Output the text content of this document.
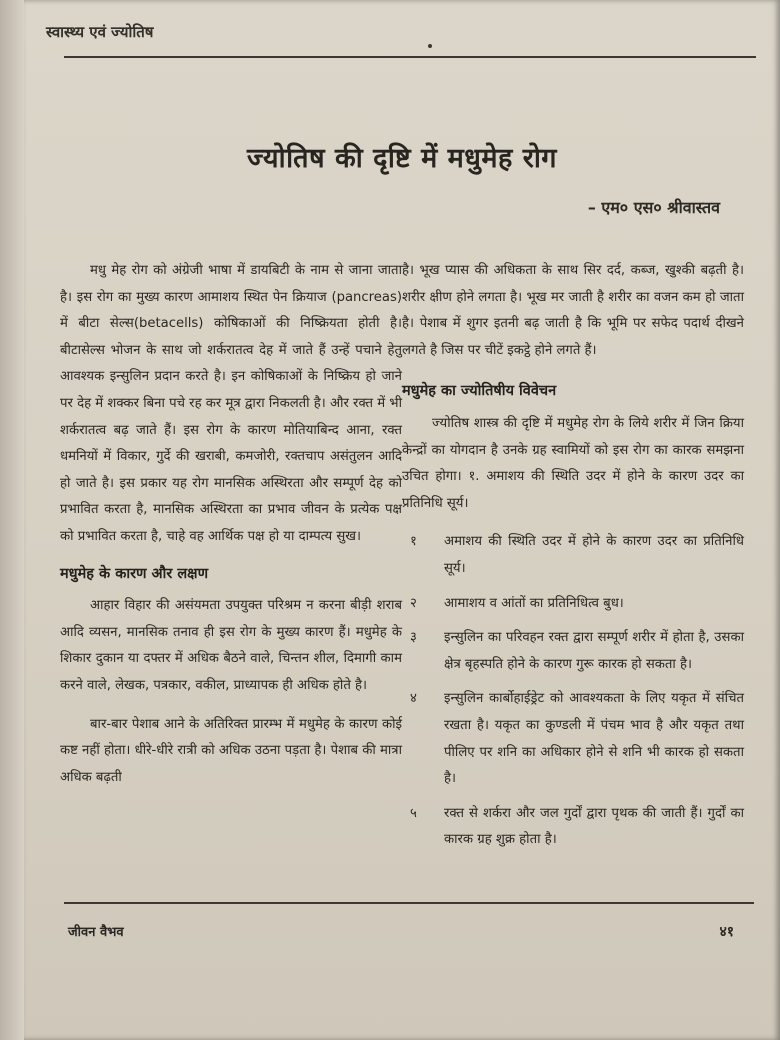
स्वास्थ्य एवं ज्योतिष
ज्योतिष की दृष्टि में मधुमेह रोग
– एम० एस० श्रीवास्तव

मधु मेह रोग को अंग्रेजी भाषा में डायबिटी के नाम से जाना जाता है। इस रोग का मुख्य कारण आमाशय स्थित पेन क्रियाज (pancreas) में बीटा सेल्स(betacells) कोषिकाओं की निष्क्रियता होती है। बीटासेल्स भोजन के साथ जो शर्करातत्व देह में जाते हैं उन्हें पचाने हेतु आवश्यक इन्सुलिन प्रदान करते है। इन कोषिकाओं के निष्क्रिय हो जाने पर देह में शक्कर बिना पचे रह कर मूत्र द्वारा निकलती है। और रक्त में भी शर्करातत्व बढ़ जाते हैं। इस रोग के कारण मोतियाबिन्द आना, रक्त धमनियों में विकार, गुर्दे की खराबी, कमजोरी, रक्तचाप असंतुलन आदि हो जाते है। इस प्रकार यह रोग मानसिक अस्थिरता और सम्पूर्ण देह को प्रभावित करता है, मानसिक अस्थिरता का प्रभाव जीवन के प्रत्येक पक्ष को प्रभावित करता है, चाहे वह आर्थिक पक्ष हो या दाम्पत्य सुख।

मधुमेह के कारण और लक्षण

आहार विहार की असंयमता उपयुक्त परिश्रम न करना बीड़ी शराब आदि व्यसन, मानसिक तनाव ही इस रोग के मुख्य कारण हैं। मधुमेह के शिकार दुकान या दफ्तर में अधिक बैठने वाले, चिन्तन शील, दिमागी काम करने वाले, लेखक, पत्रकार, वकील, प्राध्यापक ही अधिक होते है।

बार-बार पेशाब आने के अतिरिक्त प्रारम्भ में मधुमेह के कारण कोई कष्ट नहीं होता। धीरे-धीरे रात्री को अधिक उठना पड़ता है। पेशाब की मात्रा अधिक बढ़ती

है। भूख प्यास की अधिकता के साथ सिर दर्द, कब्ज, खुश्की बढ़ती है। शरीर क्षीण होने लगता है। भूख मर जाती है शरीर का वजन कम हो जाता है। पेशाब में शुगर इतनी बढ़ जाती है कि भूमि पर सफेद पदार्थ दीखने लगते है जिस पर चीटें इकट्ठे होने लगते हैं।

मधुमेह का ज्योतिषीय विवेचन

ज्योतिष शास्त्र की दृष्टि में मधुमेह रोग के लिये शरीर में जिन क्रिया केन्द्रों का योगदान है उनके ग्रह स्वामियों को इस रोग का कारक समझना उचित होगा। १. अमाशय की स्थिति उदर में होने के कारण उदर का प्रतिनिधि सूर्य।

१	अमाशय की स्थिति उदर में होने के कारण उदर का प्रतिनिधि सूर्य।
२	आमाशय व आंतों का प्रतिनिधित्व बुध।
३	इन्सुलिन का परिवहन रक्त द्वारा सम्पूर्ण शरीर में होता है, उसका क्षेत्र बृहस्पति होने के कारण गुरू कारक हो सकता है।
४	इन्सुलिन कार्बोहाईड्रेट को आवश्यकता के लिए यकृत में संचित रखता है। यकृत का कुण्डली में पंचम भाव है और यकृत तथा पीलिए पर शनि का अधिकार होने से शनि भी कारक हो सकता है।
५	रक्त से शर्करा और जल गुर्दों द्वारा पृथक की जाती हैं। गुर्दों का कारक ग्रह शुक्र होता है।
जीवन वैभव	४१
